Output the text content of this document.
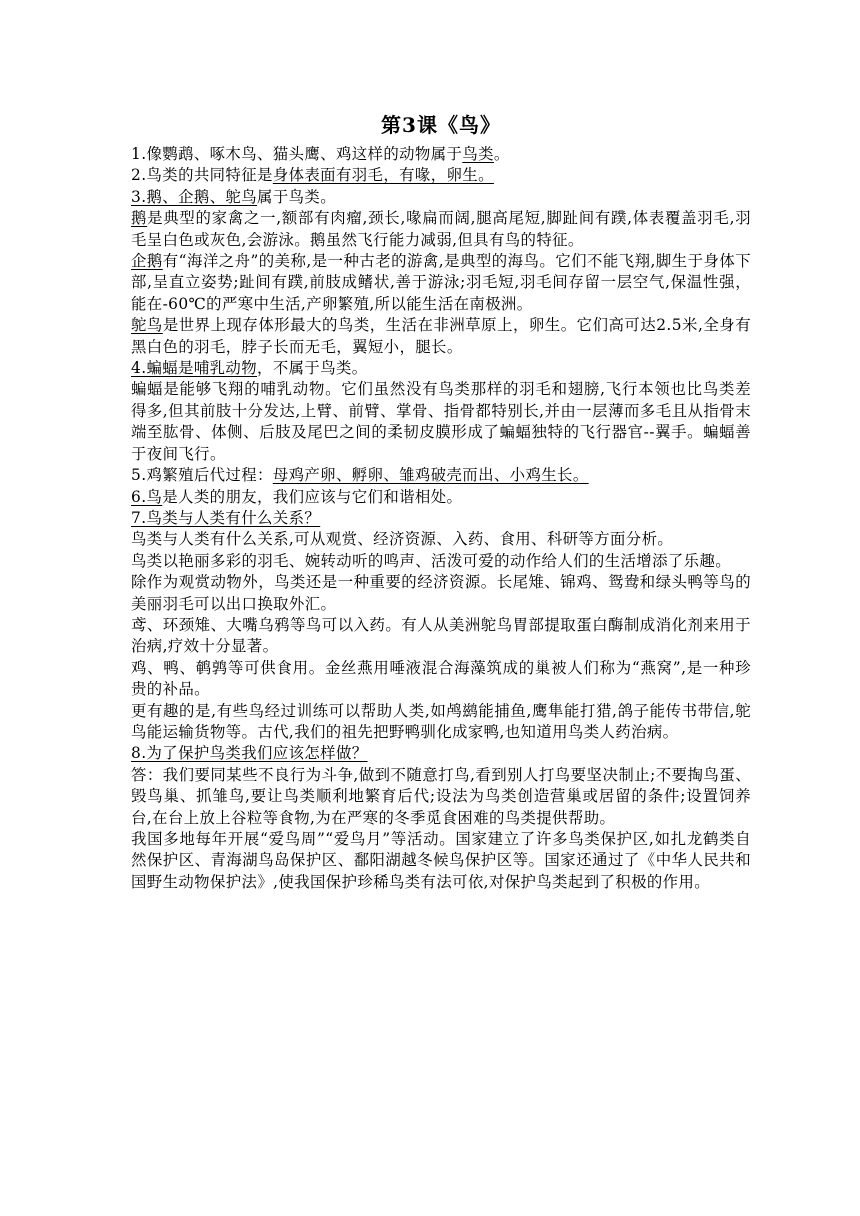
第3课《鸟》

1.像鹦鹉、啄木鸟、猫头鹰、鸡这样的动物属于鸟类。

2.鸟类的共同特征是身体表面有羽毛，有喙，卵生。

3.鹅、企鹅、鸵鸟属于鸟类。

鹅是典型的家禽之一,额部有肉瘤,颈长,喙扁而阔,腿高尾短,脚趾间有蹼,体表覆盖羽毛,羽毛呈白色或灰色,会游泳。鹅虽然飞行能力减弱,但具有鸟的特征。

企鹅有“海洋之舟”的美称,是一种古老的游禽,是典型的海鸟。它们不能飞翔,脚生于身体下部,呈直立姿势;趾间有蹼,前肢成鳍状,善于游泳;羽毛短,羽毛间存留一层空气,保温性强，能在-60℃的严寒中生活,产卵繁殖,所以能生活在南极洲。

鸵鸟是世界上现存体形最大的鸟类，生活在非洲草原上，卵生。它们高可达2.5米,全身有黑白色的羽毛，脖子长而无毛，翼短小，腿长。

4.蝙蝠是哺乳动物，不属于鸟类。

蝙蝠是能够飞翔的哺乳动物。它们虽然没有鸟类那样的羽毛和翅膀,飞行本领也比鸟类差得多,但其前肢十分发达,上臂、前臂、掌骨、指骨都特别长,并由一层薄而多毛且从指骨末端至肱骨、体侧、后肢及尾巴之间的柔韧皮膜形成了蝙蝠独特的飞行器官--翼手。蝙蝠善于夜间飞行。

5.鸡繁殖后代过程：母鸡产卵、孵卵、雏鸡破壳而出、小鸡生长。

6.鸟是人类的朋友，我们应该与它们和谐相处。

7.鸟类与人类有什么关系？

鸟类与人类有什么关系,可从观赏、经济资源、入药、食用、科研等方面分析。

鸟类以艳丽多彩的羽毛、婉转动听的鸣声、活泼可爱的动作给人们的生活增添了乐趣。

除作为观赏动物外，鸟类还是一种重要的经济资源。长尾雉、锦鸡、鸳鸯和绿头鸭等鸟的美丽羽毛可以出口换取外汇。

鸢、环颈雉、大嘴乌鸦等鸟可以入药。有人从美洲鸵鸟胃部提取蛋白酶制成消化剂来用于治病,疗效十分显著。

鸡、鸭、鹌鹑等可供食用。金丝燕用唾液混合海藻筑成的巢被人们称为“燕窝”,是一种珍贵的补品。

更有趣的是,有些鸟经过训练可以帮助人类,如鸬鹚能捕鱼,鹰隼能打猎,鸽子能传书带信,鸵鸟能运输货物等。古代,我们的祖先把野鸭驯化成家鸭,也知道用鸟类人药治病。

8.为了保护鸟类我们应该怎样做？

答：我们要同某些不良行为斗争,做到不随意打鸟,看到别人打鸟要坚决制止;不要掏鸟蛋、毁鸟巢、抓雏鸟,要让鸟类顺利地繁育后代;设法为鸟类创造营巢或居留的条件;设置饲养台,在台上放上谷粒等食物,为在严寒的冬季觅食困难的鸟类提供帮助。

我国多地每年开展“爱鸟周”“爱鸟月”等活动。国家建立了许多鸟类保护区,如扎龙鹤类自然保护区、青海湖鸟岛保护区、鄱阳湖越冬候鸟保护区等。国家还通过了《中华人民共和国野生动物保护法》,使我国保护珍稀鸟类有法可依,对保护鸟类起到了积极的作用。
